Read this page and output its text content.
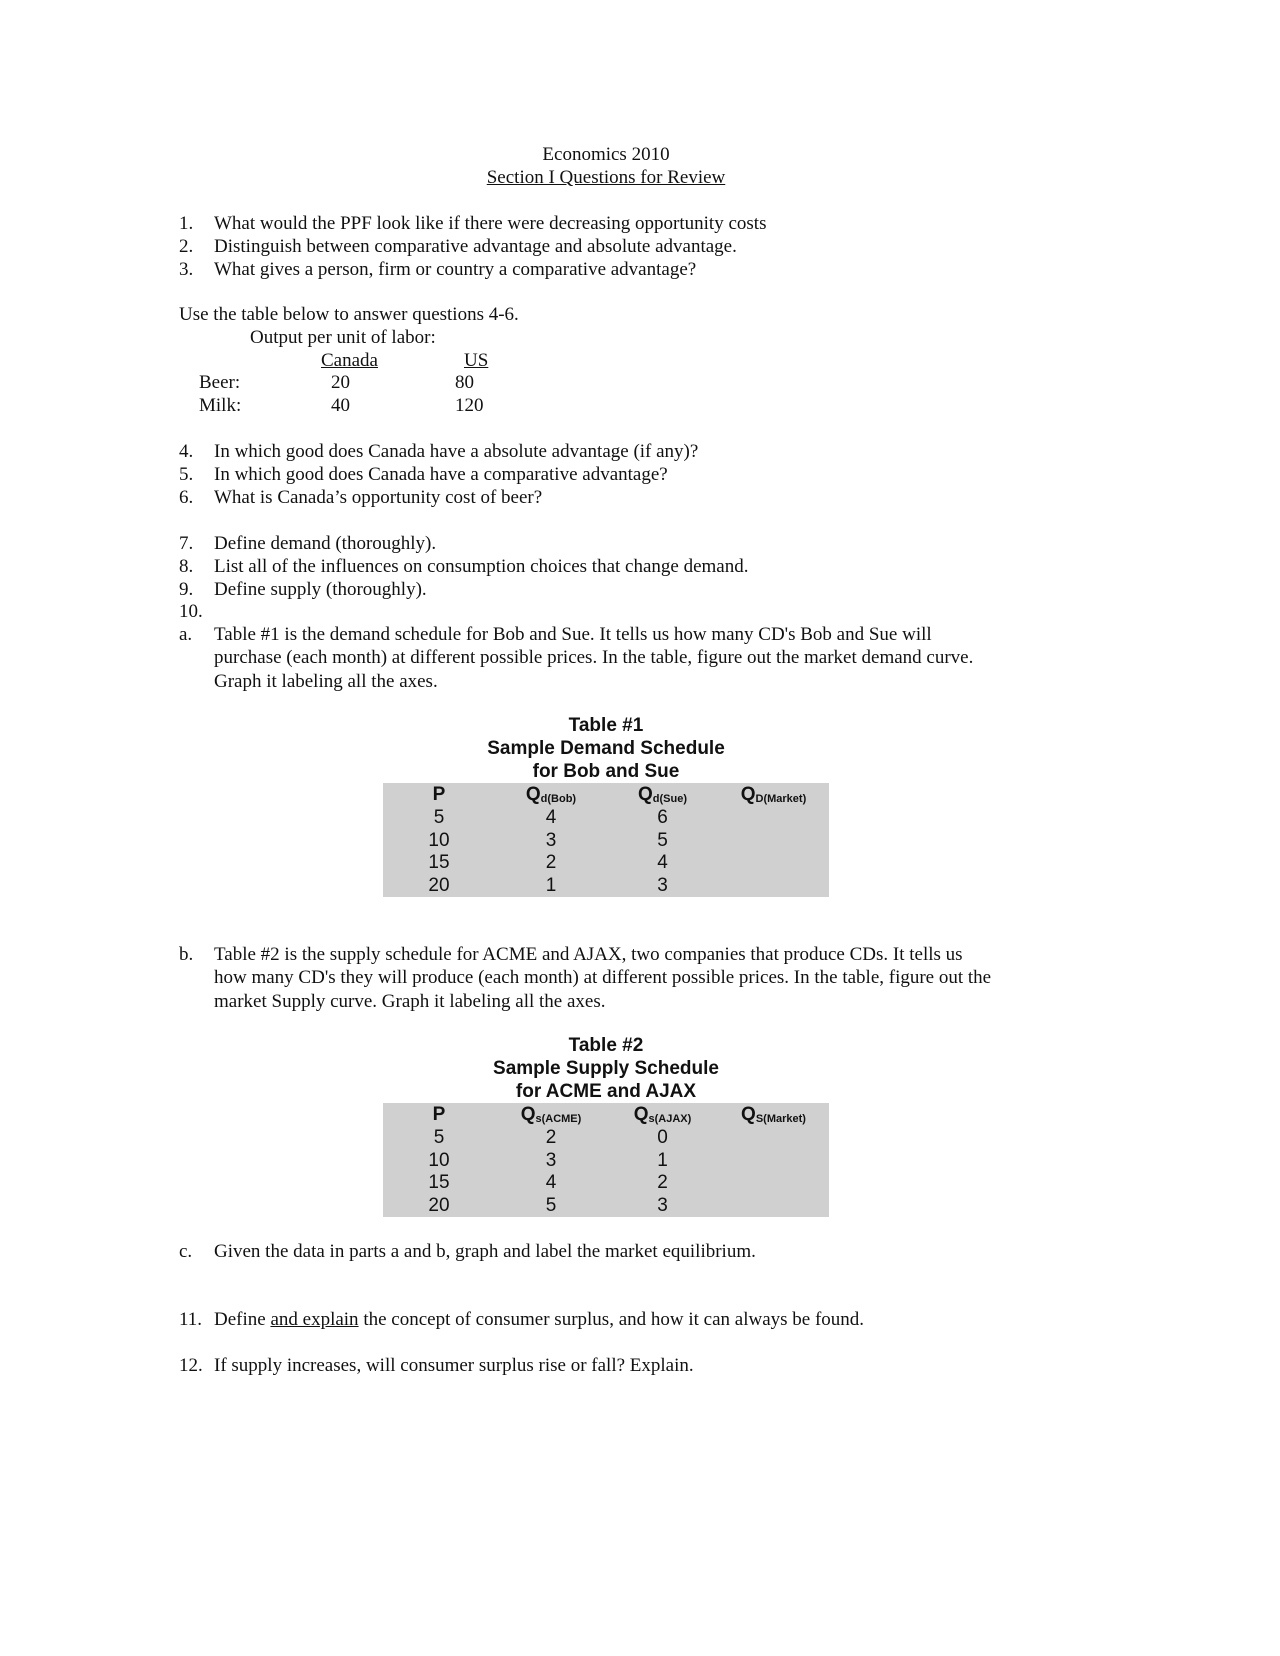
Economics 2010
Section I Questions for Review
1. What would the PPF look like if there were decreasing opportunity costs
2. Distinguish between comparative advantage and absolute advantage.
3. What gives a person, firm or country a comparative advantage?
Use the table below to answer questions 4-6.
Output per unit of labor:
Canada	US
Beer:	20	80
Milk:	40	120
4. In which good does Canada have a absolute advantage (if any)?
5. In which good does Canada have a comparative advantage?
6. What is Canada’s opportunity cost of beer?
7. Define demand (thoroughly).
8. List all of the influences on consumption choices that change demand.
9. Define supply (thoroughly).
10.
a. Table #1 is the demand schedule for Bob and Sue. It tells us how many CD's Bob and Sue will
purchase (each month) at different possible prices. In the table, figure out the market demand curve.
Graph it labeling all the axes.
Table #1
Sample Demand Schedule
for Bob and Sue
P	$Q_{d(Bob)}$	$Q_{d(Sue)}$	$Q_{D(Market)}$
5	4	6
10	3	5
15	2	4
20	1	3
b. Table #2 is the supply schedule for ACME and AJAX, two companies that produce CDs. It tells us
how many CD's they will produce (each month) at different possible prices. In the table, figure out the
market Supply curve. Graph it labeling all the axes.
Table #2
Sample Supply Schedule
for ACME and AJAX
P	$Q_{s(ACME)}$	$Q_{s(AJAX)}$	$Q_{S(Market)}$
5	2	0
10	3	1
15	4	2
20	5	3
c. Given the data in parts a and b, graph and label the market equilibrium.
11. Define and explain the concept of consumer surplus, and how it can always be found.
12. If supply increases, will consumer surplus rise or fall? Explain.
